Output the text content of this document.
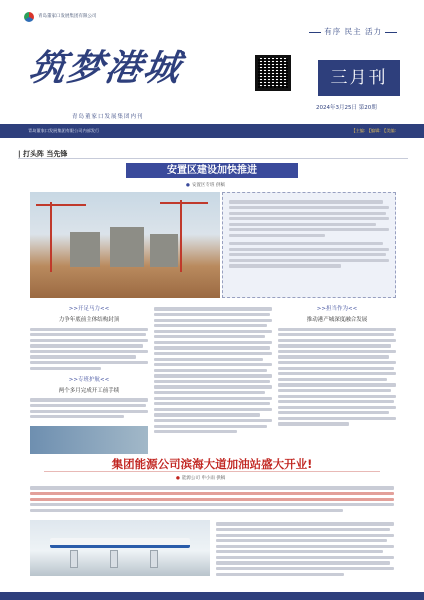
青岛董家口发展集团有限公司
有序 民主 活力
筑梦港城
青岛董家口发展集团内刊
三月刊
2024年3月25日 第20期
青岛董家口发展集团有限公司内部发行	【主编: 【编辑: 【美编:
| 打头阵 当先锋
安置区建设加快推进
● 安置区专班 供稿
>>开足马力<<
力争年底前主体结构封顶
>>专班护航<<
两个多月完成开工前手续
>>担当作为<<
推动港产城深度融合发展
集团能源公司滨海大道加油站盛大开业!
● 能源公司 申小雨 供稿
